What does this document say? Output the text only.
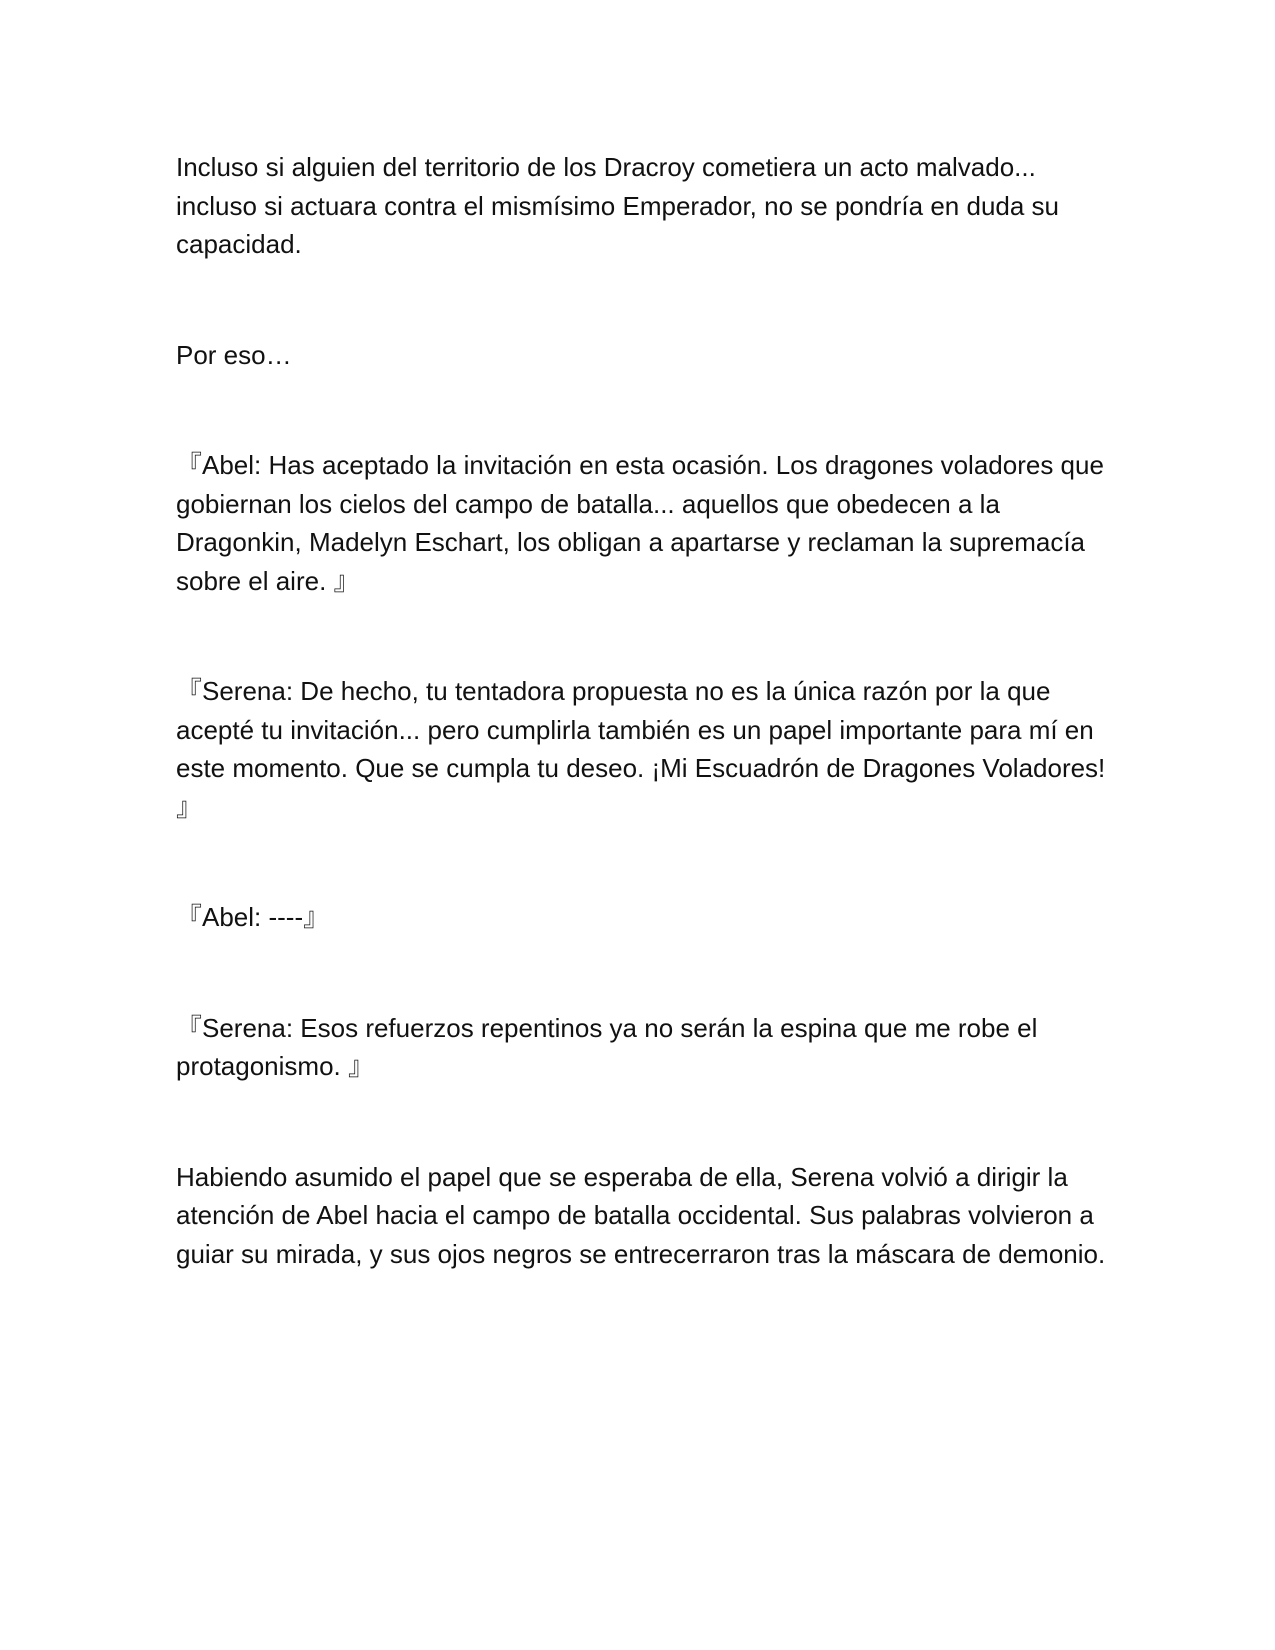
Incluso si alguien del territorio de los Dracroy cometiera un acto malvado... incluso si actuara contra el mismísimo Emperador, no se pondría en duda su capacidad.

Por eso…

『Abel: Has aceptado la invitación en esta ocasión. Los dragones voladores que gobiernan los cielos del campo de batalla... aquellos que obedecen a la Dragonkin, Madelyn Eschart, los obligan a apartarse y reclaman la supremacía sobre el aire. 』

『Serena: De hecho, tu tentadora propuesta no es la única razón por la que acepté tu invitación... pero cumplirla también es un papel importante para mí en este momento. Que se cumpla tu deseo. ¡Mi Escuadrón de Dragones Voladores! 』

『Abel: ----』

『Serena: Esos refuerzos repentinos ya no serán la espina que me robe el protagonismo. 』

Habiendo asumido el papel que se esperaba de ella, Serena volvió a dirigir la atención de Abel hacia el campo de batalla occidental. Sus palabras volvieron a guiar su mirada, y sus ojos negros se entrecerraron tras la máscara de demonio.
